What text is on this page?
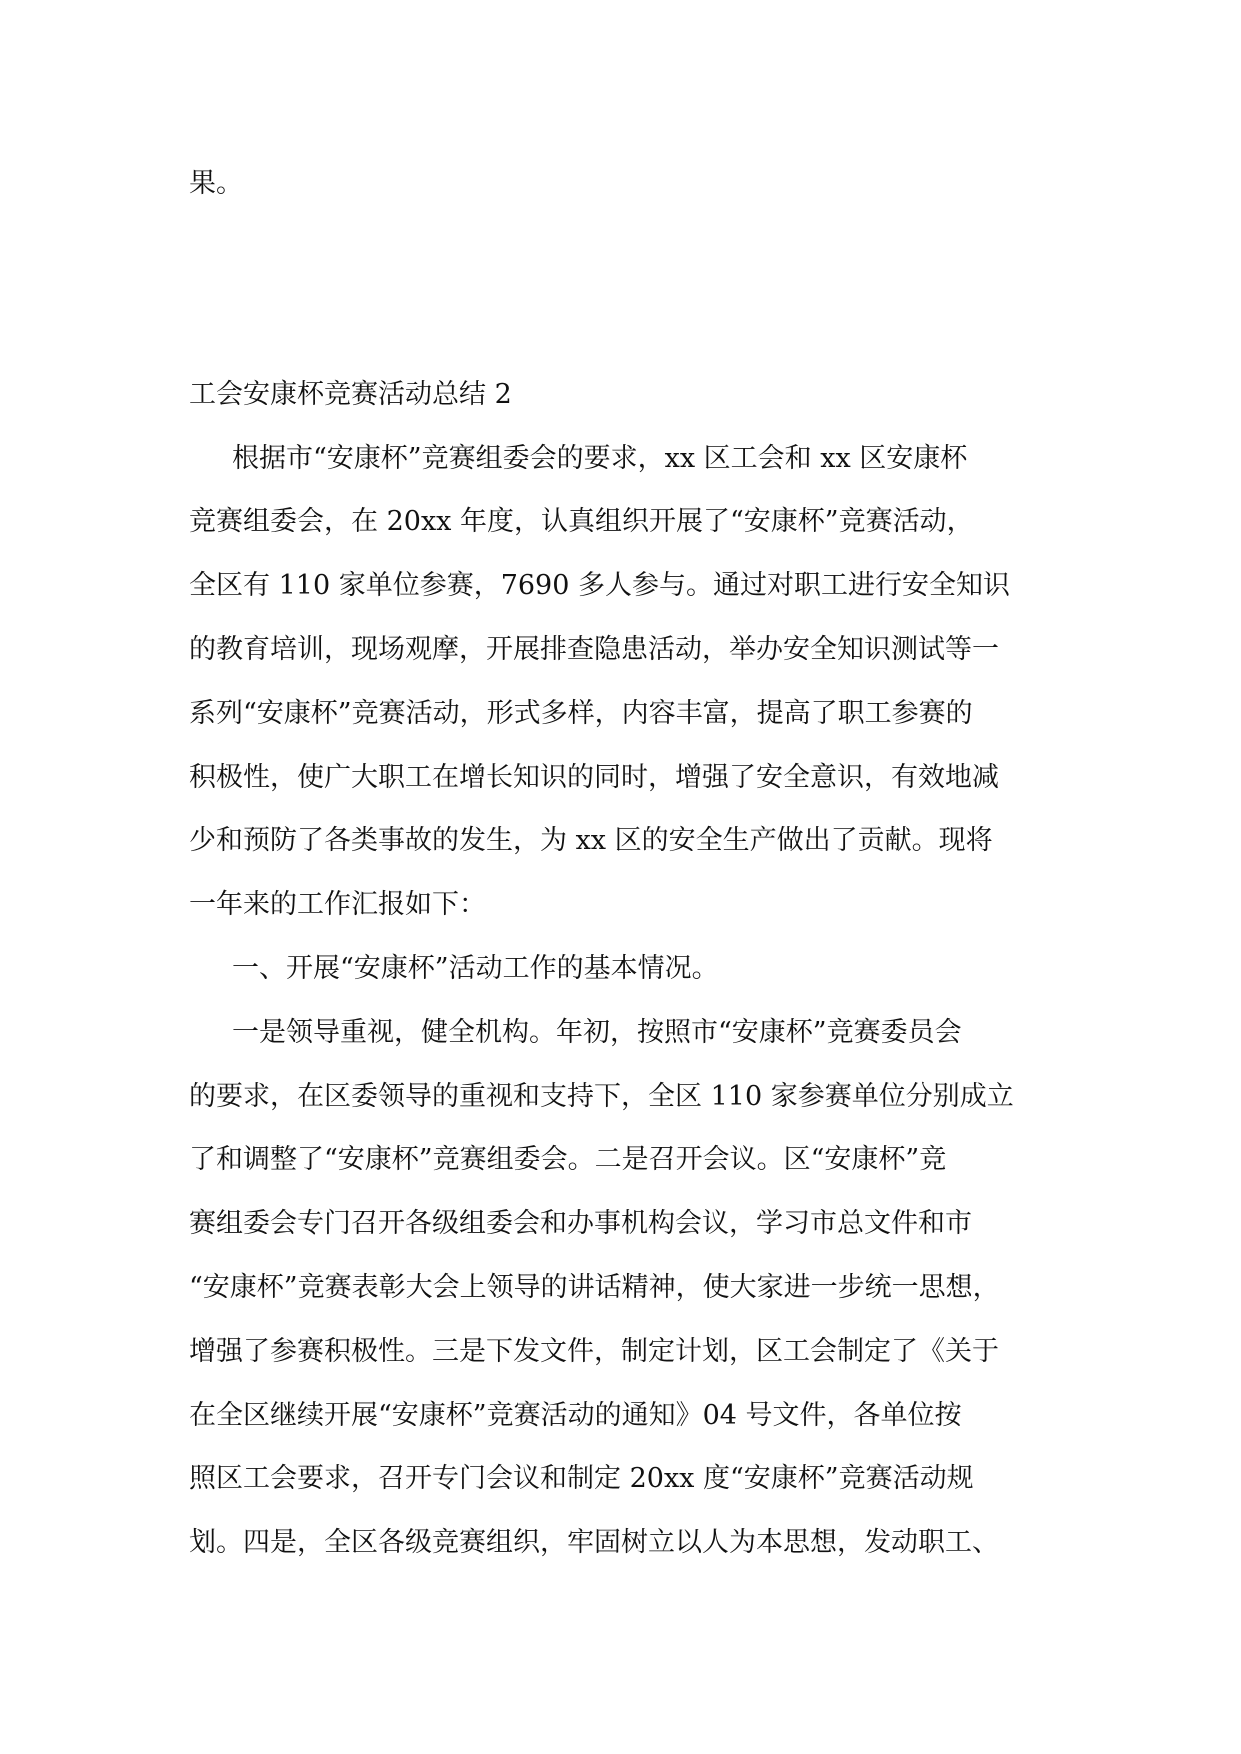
果。
工会安康杯竞赛活动总结 2
根据市“安康杯”竞赛组委会的要求，xx 区工会和 xx 区安康杯
竞赛组委会，在 20xx 年度，认真组织开展了“安康杯”竞赛活动，
全区有 110 家单位参赛，7690 多人参与。通过对职工进行安全知识
的教育培训，现场观摩，开展排查隐患活动，举办安全知识测试等一
系列“安康杯”竞赛活动，形式多样，内容丰富，提高了职工参赛的
积极性，使广大职工在增长知识的同时，增强了安全意识，有效地减
少和预防了各类事故的发生，为 xx 区的安全生产做出了贡献。现将
一年来的工作汇报如下：
一、开展“安康杯”活动工作的基本情况。
一是领导重视，健全机构。年初，按照市“安康杯”竞赛委员会
的要求，在区委领导的重视和支持下，全区 110 家参赛单位分别成立
了和调整了“安康杯”竞赛组委会。二是召开会议。区“安康杯”竞
赛组委会专门召开各级组委会和办事机构会议，学习市总文件和市
“安康杯”竞赛表彰大会上领导的讲话精神，使大家进一步统一思想，
增强了参赛积极性。三是下发文件，制定计划，区工会制定了《关于
在全区继续开展“安康杯”竞赛活动的通知》04 号文件，各单位按
照区工会要求，召开专门会议和制定 20xx 度“安康杯”竞赛活动规
划。四是，全区各级竞赛组织，牢固树立以人为本思想，发动职工、
